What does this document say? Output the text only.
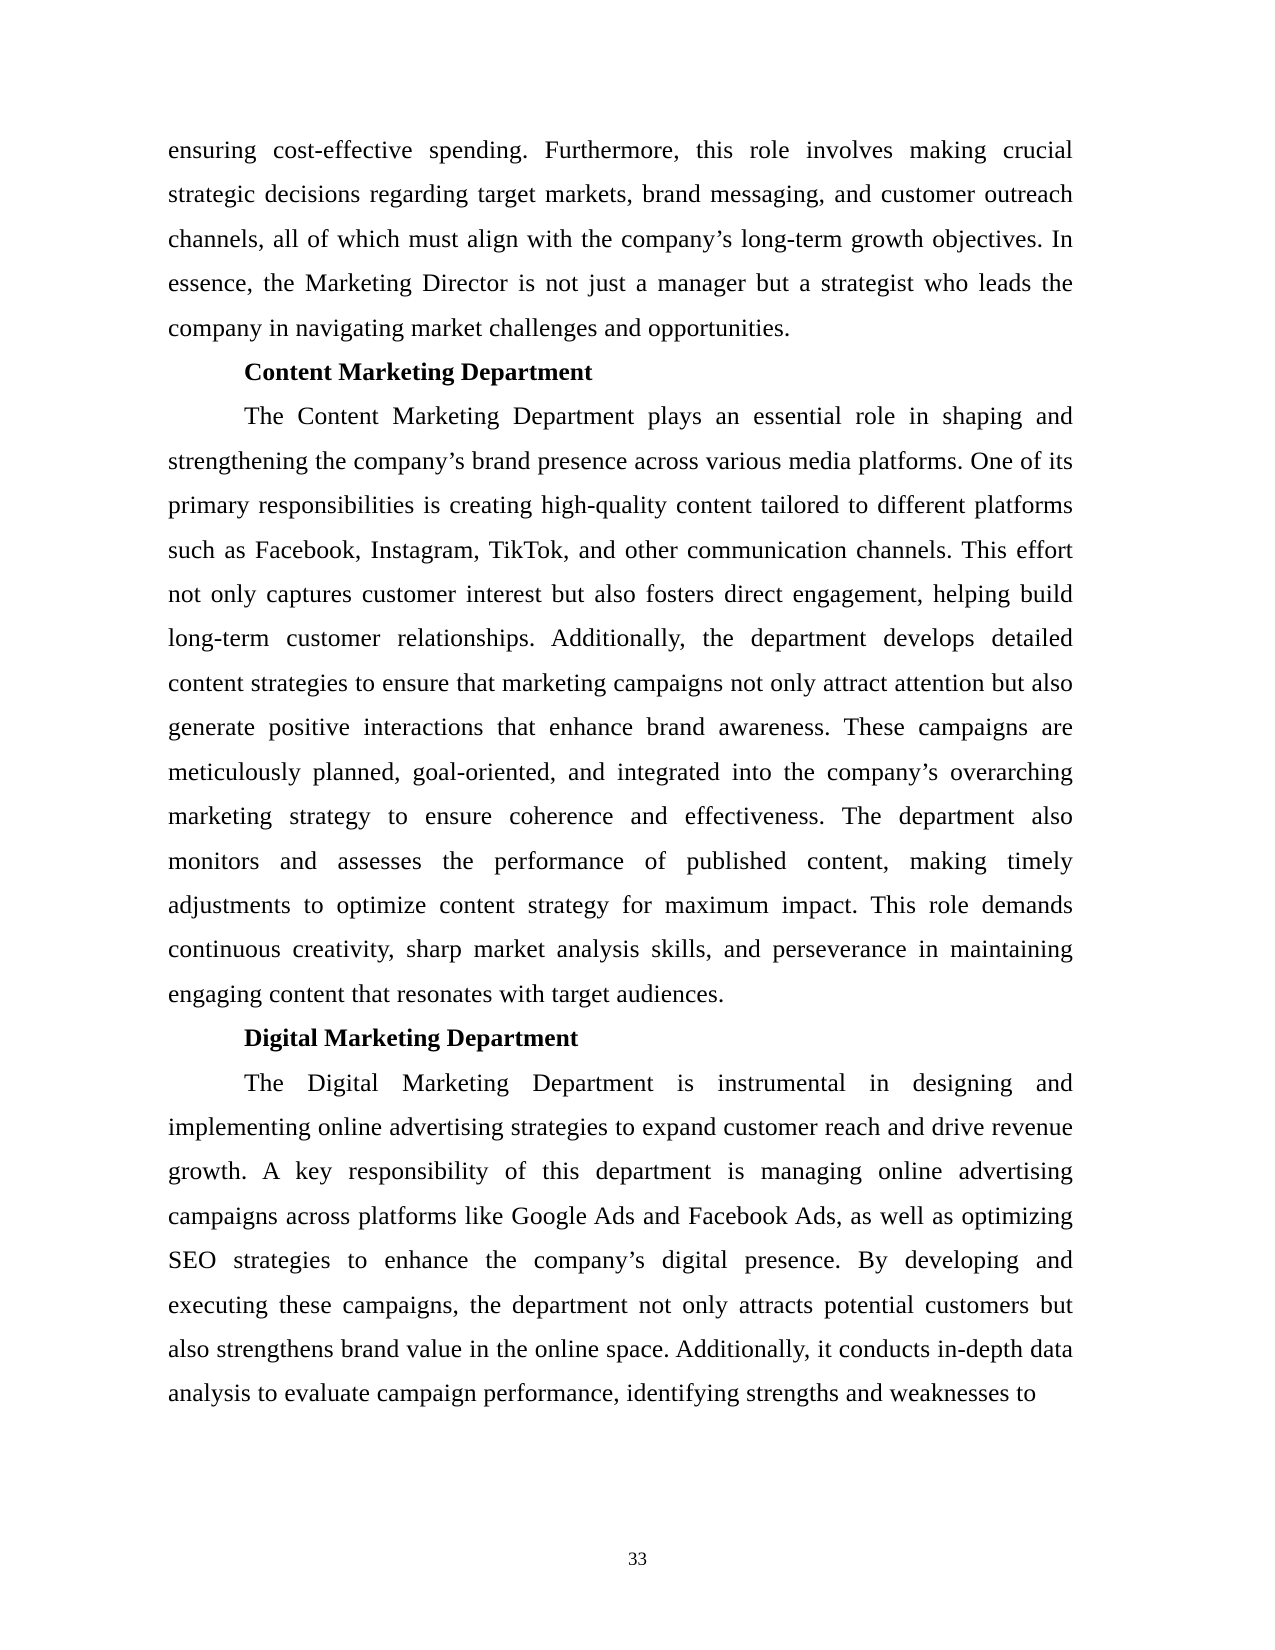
ensuring cost-effective spending. Furthermore, this role involves making crucial strategic decisions regarding target markets, brand messaging, and customer outreach channels, all of which must align with the company’s long-term growth objectives. In essence, the Marketing Director is not just a manager but a strategist who leads the company in navigating market challenges and opportunities.

Content Marketing Department

The Content Marketing Department plays an essential role in shaping and strengthening the company’s brand presence across various media platforms. One of its primary responsibilities is creating high-quality content tailored to different platforms such as Facebook, Instagram, TikTok, and other communication channels. This effort not only captures customer interest but also fosters direct engagement, helping build long-term customer relationships. Additionally, the department develops detailed content strategies to ensure that marketing campaigns not only attract attention but also generate positive interactions that enhance brand awareness. These campaigns are meticulously planned, goal-oriented, and integrated into the company’s overarching marketing strategy to ensure coherence and effectiveness. The department also monitors and assesses the performance of published content, making timely adjustments to optimize content strategy for maximum impact. This role demands continuous creativity, sharp market analysis skills, and perseverance in maintaining engaging content that resonates with target audiences.

Digital Marketing Department

The Digital Marketing Department is instrumental in designing and implementing online advertising strategies to expand customer reach and drive revenue growth. A key responsibility of this department is managing online advertising campaigns across platforms like Google Ads and Facebook Ads, as well as optimizing SEO strategies to enhance the company’s digital presence. By developing and executing these campaigns, the department not only attracts potential customers but also strengthens brand value in the online space. Additionally, it conducts in-depth data analysis to evaluate campaign performance, identifying strengths and weaknesses to

33
